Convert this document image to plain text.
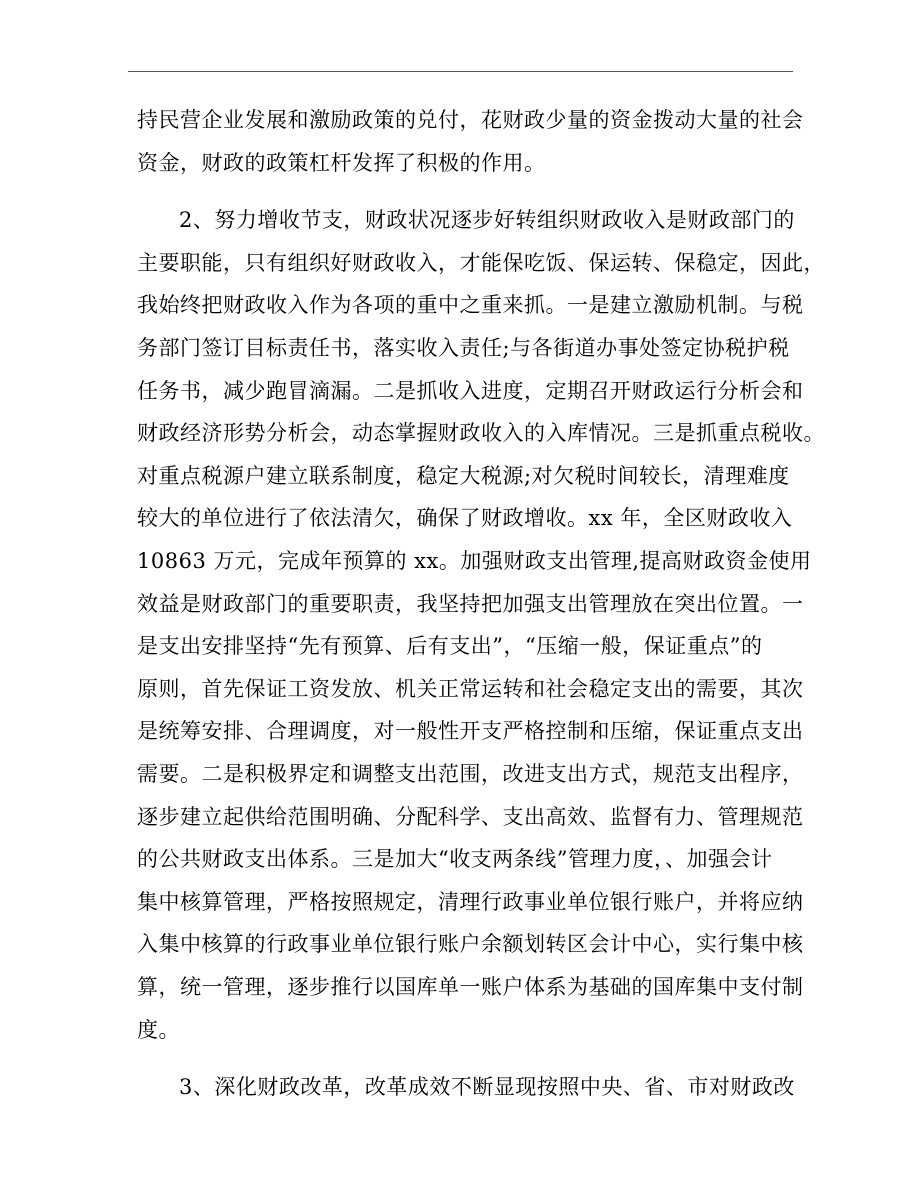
持民营企业发展和激励政策的兑付，花财政少量的资金拨动大量的社会
资金，财政的政策杠杆发挥了积极的作用。
2、努力增收节支，财政状况逐步好转组织财政收入是财政部门的
主要职能，只有组织好财政收入，才能保吃饭、保运转、保稳定，因此，
我始终把财政收入作为各项的重中之重来抓。一是建立激励机制。与税
务部门签订目标责任书，落实收入责任;与各街道办事处签定协税护税
任务书，减少跑冒滴漏。二是抓收入进度，定期召开财政运行分析会和
财政经济形势分析会，动态掌握财政收入的入库情况。三是抓重点税收。
对重点税源户建立联系制度，稳定大税源;对欠税时间较长，清理难度
较大的单位进行了依法清欠，确保了财政增收。xx 年，全区财政收入
10863 万元，完成年预算的 xx。加强财政支出管理,提高财政资金使用
效益是财政部门的重要职责，我坚持把加强支出管理放在突出位置。一
是支出安排坚持“先有预算、后有支出”，“压缩一般，保证重点”的
原则，首先保证工资发放、机关正常运转和社会稳定支出的需要，其次
是统筹安排、合理调度，对一般性开支严格控制和压缩，保证重点支出
需要。二是积极界定和调整支出范围，改进支出方式，规范支出程序，
逐步建立起供给范围明确、分配科学、支出高效、监督有力、管理规范
的公共财政支出体系。三是加大“收支两条线”管理力度，、加强会计
集中核算管理，严格按照规定，清理行政事业单位银行账户，并将应纳
入集中核算的行政事业单位银行账户余额划转区会计中心，实行集中核
算，统一管理，逐步推行以国库单一账户体系为基础的国库集中支付制
度。
3、深化财政改革，改革成效不断显现按照中央、省、市对财政改
